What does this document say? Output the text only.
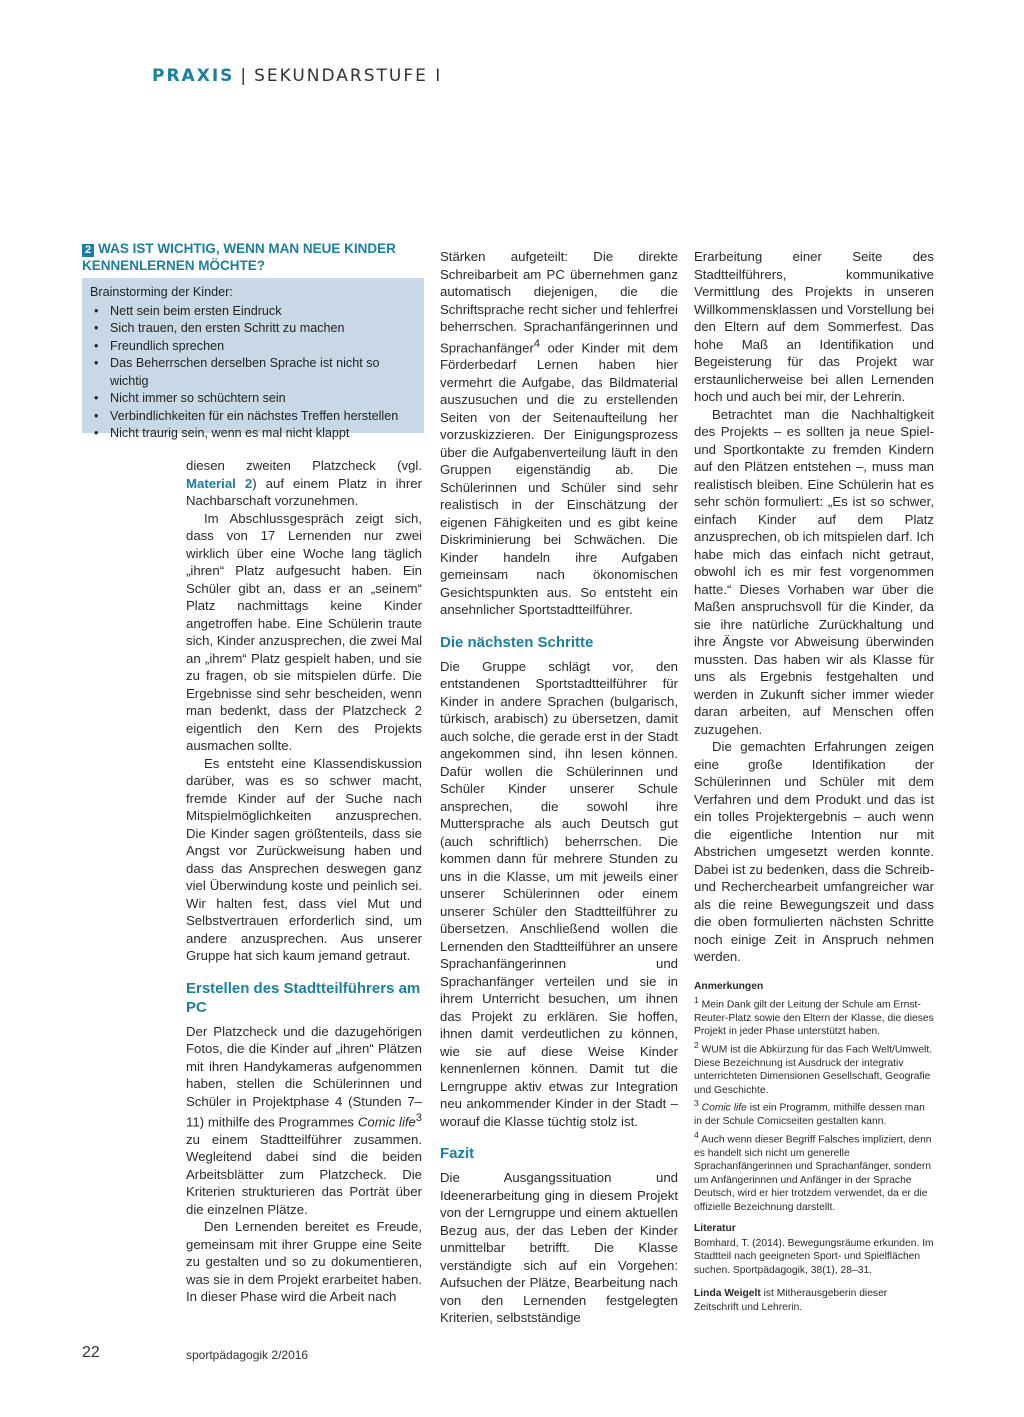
PRAXIS | SEKUNDARSTUFE I
2 WAS IST WICHTIG, WENN MAN NEUE KINDER KENNENLERNEN MÖCHTE?

Brainstorming der Kinder:

• Nett sein beim ersten Eindruck
• Sich trauen, den ersten Schritt zu machen
• Freundlich sprechen
• Das Beherrschen derselben Sprache ist nicht so wichtig
• Nicht immer so schüchtern sein
• Verbindlichkeiten für ein nächstes Treffen herstellen
• Nicht traurig sein, wenn es mal nicht klappt

diesen zweiten Platzcheck (vgl. Material 2) auf einem Platz in ihrer Nachbarschaft vorzunehmen.

Im Abschlussgespräch zeigt sich, dass von 17 Lernenden nur zwei wirklich über eine Woche lang täglich „ihren“ Platz aufgesucht haben. Ein Schüler gibt an, dass er an „seinem“ Platz nachmittags keine Kinder angetroffen habe. Eine Schülerin traute sich, Kinder anzusprechen, die zwei Mal an „ihrem“ Platz gespielt haben, und sie zu fragen, ob sie mitspielen dürfe. Die Ergebnisse sind sehr bescheiden, wenn man bedenkt, dass der Platzcheck 2 eigentlich den Kern des Projekts ausmachen sollte.

Es entsteht eine Klassendiskussion darüber, was es so schwer macht, fremde Kinder auf der Suche nach Mitspielmöglichkeiten anzusprechen. Die Kinder sagen größtenteils, dass sie Angst vor Zurückweisung haben und dass das Ansprechen deswegen ganz viel Überwindung koste und peinlich sei. Wir halten fest, dass viel Mut und Selbstvertrauen erforderlich sind, um andere anzusprechen. Aus unserer Gruppe hat sich kaum jemand getraut.

Erstellen des Stadtteilführers am PC

Der Platzcheck und die dazugehörigen Fotos, die die Kinder auf „ihren“ Plätzen mit ihren Handykameras aufgenommen haben, stellen die Schülerinnen und Schüler in Projektphase 4 (Stunden 7–11) mithilfe des Programmes Comic life$^3$ zu einem Stadtteilführer zusammen. Wegleitend dabei sind die beiden Arbeitsblätter zum Platzcheck. Die Kriterien strukturieren das Porträt über die einzelnen Plätze.

Den Lernenden bereitet es Freude, gemeinsam mit ihrer Gruppe eine Seite zu gestalten und so zu dokumentieren, was sie in dem Projekt erarbeitet haben. In dieser Phase wird die Arbeit nach

Stärken aufgeteilt: Die direkte Schreibarbeit am PC übernehmen ganz automatisch diejenigen, die die Schriftsprache recht sicher und fehlerfrei beherrschen. Sprachanfängerinnen und Sprachanfänger$^4$ oder Kinder mit dem Förderbedarf Lernen haben hier vermehrt die Aufgabe, das Bildmaterial auszusuchen und die zu erstellenden Seiten von der Seitenaufteilung her vorzuskizzieren. Der Einigungsprozess über die Aufgabenverteilung läuft in den Gruppen eigenständig ab. Die Schülerinnen und Schüler sind sehr realistisch in der Einschätzung der eigenen Fähigkeiten und es gibt keine Diskriminierung bei Schwächen. Die Kinder handeln ihre Aufgaben gemeinsam nach ökonomischen Gesichtspunkten aus. So entsteht ein ansehnlicher Sportstadtteilführer.

Die nächsten Schritte

Die Gruppe schlägt vor, den entstandenen Sportstadtteilführer für Kinder in andere Sprachen (bulgarisch, türkisch, arabisch) zu übersetzen, damit auch solche, die gerade erst in der Stadt angekommen sind, ihn lesen können. Dafür wollen die Schülerinnen und Schüler Kinder unserer Schule ansprechen, die sowohl ihre Muttersprache als auch Deutsch gut (auch schriftlich) beherrschen. Die kommen dann für mehrere Stunden zu uns in die Klasse, um mit jeweils einer unserer Schülerinnen oder einem unserer Schüler den Stadtteilführer zu übersetzen. Anschließend wollen die Lernenden den Stadtteilführer an unsere Sprachanfängerinnen und Sprachanfänger verteilen und sie in ihrem Unterricht besuchen, um ihnen das Projekt zu erklären. Sie hoffen, ihnen damit verdeutlichen zu können, wie sie auf diese Weise Kinder kennenlernen können. Damit tut die Lerngruppe aktiv etwas zur Integration neu ankommender Kinder in der Stadt – worauf die Klasse tüchtig stolz ist.

Fazit

Die Ausgangssituation und Ideenerarbeitung ging in diesem Projekt von der Lerngruppe und einem aktuellen Bezug aus, der das Leben der Kinder unmittelbar betrifft. Die Klasse verständigte sich auf ein Vorgehen: Aufsuchen der Plätze, Bearbeitung nach von den Lernenden festgelegten Kriterien, selbstständige

Erarbeitung einer Seite des Stadtteilführers, kommunikative Vermittlung des Projekts in unseren Willkommensklassen und Vorstellung bei den Eltern auf dem Sommerfest. Das hohe Maß an Identifikation und Begeisterung für das Projekt war erstaunlicherweise bei allen Lernenden hoch und auch bei mir, der Lehrerin.

Betrachtet man die Nachhaltigkeit des Projekts – es sollten ja neue Spiel- und Sportkontakte zu fremden Kindern auf den Plätzen entstehen –, muss man realistisch bleiben. Eine Schülerin hat es sehr schön formuliert: „Es ist so schwer, einfach Kinder auf dem Platz anzusprechen, ob ich mitspielen darf. Ich habe mich das einfach nicht getraut, obwohl ich es mir fest vorgenommen hatte.“ Dieses Vorhaben war über die Maßen anspruchsvoll für die Kinder, da sie ihre natürliche Zurückhaltung und ihre Ängste vor Abweisung überwinden mussten. Das haben wir als Klasse für uns als Ergebnis festgehalten und werden in Zukunft sicher immer wieder daran arbeiten, auf Menschen offen zuzugehen.

Die gemachten Erfahrungen zeigen eine große Identifikation der Schülerinnen und Schüler mit dem Verfahren und dem Produkt und das ist ein tolles Projektergebnis – auch wenn die eigentliche Intention nur mit Abstrichen umgesetzt werden konnte. Dabei ist zu bedenken, dass die Schreib- und Recherchearbeit umfangreicher war als die reine Bewegungszeit und dass die oben formulierten nächsten Schritte noch einige Zeit in Anspruch nehmen werden.

Anmerkungen

$^1$ Mein Dank gilt der Leitung der Schule am Ernst-Reuter-Platz sowie den Eltern der Klasse, die dieses Projekt in jeder Phase unterstützt haben.

$^2$ WUM ist die Abkürzung für das Fach Welt/Umwelt. Diese Bezeichnung ist Ausdruck der integrativ unterrichteten Dimensionen Gesellschaft, Geografie und Geschichte.

$^3$ Comic life ist ein Programm, mithilfe dessen man in der Schule Comicseiten gestalten kann.

$^4$ Auch wenn dieser Begriff Falsches impliziert, denn es handelt sich nicht um generelle Sprachanfängerinnen und Sprachanfänger, sondern um Anfängerinnen und Anfänger in der Sprache Deutsch, wird er hier trotzdem verwendet, da er die offizielle Bezeichnung darstellt.

Literatur

Bomhard, T. (2014). Bewegungsräume erkunden. Im Stadtteil nach geeigneten Sport- und Spielflächen suchen. Sportpädagogik, 38(1), 28–31.

Linda Weigelt ist Mitherausgeberin dieser Zeitschrift und Lehrerin.

22	sportpädagogik 2/2016
